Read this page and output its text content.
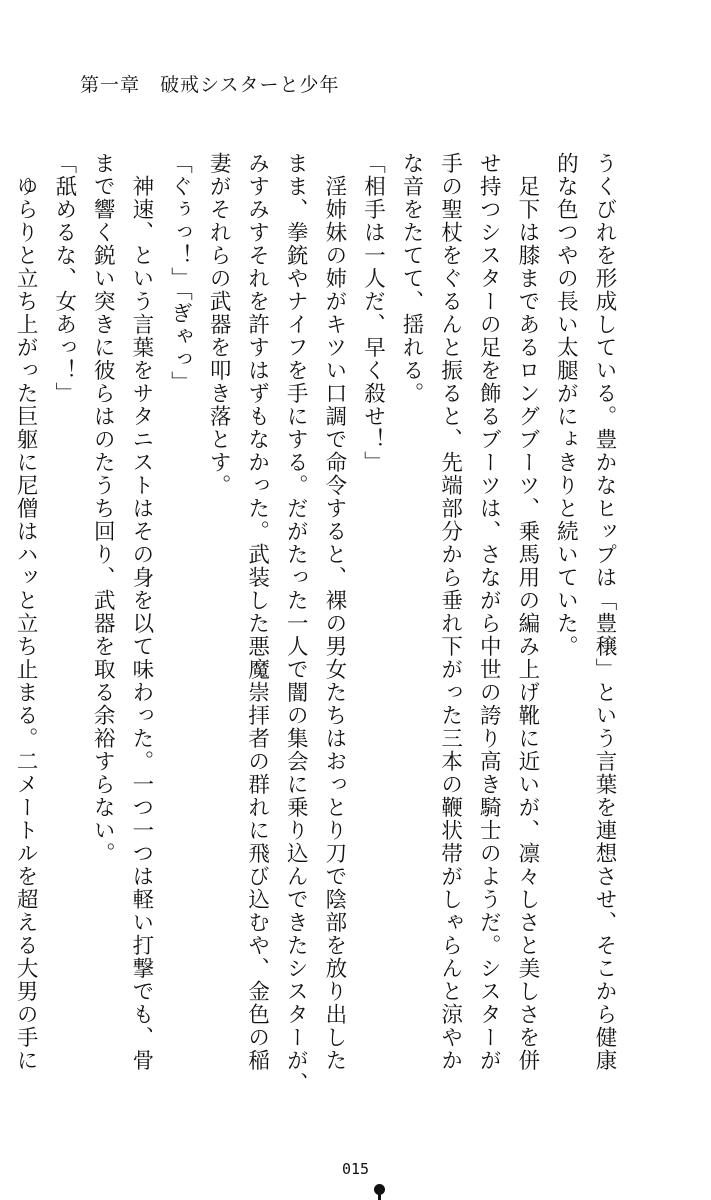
第一章　 破戒シスターと少年
うくびれを形成している。豊かなヒップは「豊穣」という言葉を連想させ、そこから健康
的な色つやの長い太腿がにょきりと続いていた。
　足下は膝まであるロングブーツ、乗馬用の編み上げ靴に近いが、凛々しさと美しさを併
せ持つシスターの足を飾るブーツは、さながら中世の誇り高き騎士のようだ。シスターが
手の聖杖をぐるんと振ると、先端部分から垂れ下がった三本の鞭状帯がしゃらんと涼やか
な音をたてて、揺れる。
「相手は一人だ、早く殺せ！」
　淫姉妹の姉がキツい口調で命令すると、裸の男女たちはおっとり刀で陰部を放り出した
まま、拳銃やナイフを手にする。だがたった一人で闇の集会に乗り込んできたシスターが、
みすみすそれを許すはずもなかった。武装した悪魔崇拝者の群れに飛び込むや、金色の稲
妻がそれらの武器を叩き落とす。
「ぐぅっ！」「ぎゃっ」
　神速、という言葉をサタニストはその身を以て味わった。一つ一つは軽い打撃でも、骨
まで響く鋭い突きに彼らはのたうち回り、武器を取る余裕すらない。
「舐めるな、女あっ！」
　ゆらりと立ち上がった巨躯に尼僧はハッと立ち止まる。二メートルを超える大男の手に
015
